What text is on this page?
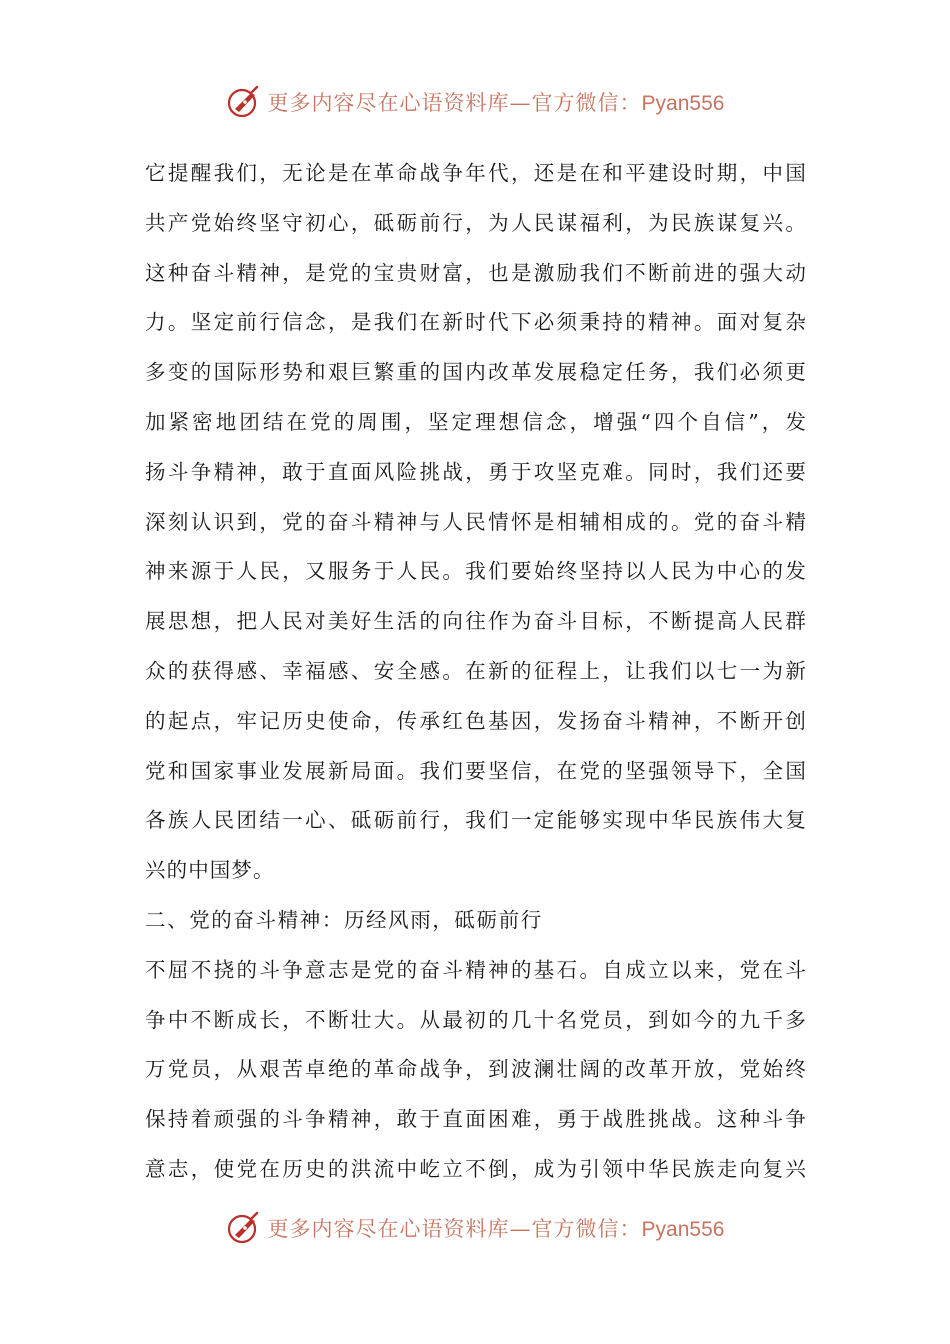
更多内容尽在心语资料库—官方微信：Pyan556
它提醒我们，无论是在革命战争年代，还是在和平建设时期，中国
共产党始终坚守初心，砥砺前行，为人民谋福利，为民族谋复兴。
这种奋斗精神，是党的宝贵财富，也是激励我们不断前进的强大动
力。坚定前行信念，是我们在新时代下必须秉持的精神。面对复杂
多变的国际形势和艰巨繁重的国内改革发展稳定任务，我们必须更
加紧密地团结在党的周围，坚定理想信念，增强“四个自信”，发
扬斗争精神，敢于直面风险挑战，勇于攻坚克难。同时，我们还要
深刻认识到，党的奋斗精神与人民情怀是相辅相成的。党的奋斗精
神来源于人民，又服务于人民。我们要始终坚持以人民为中心的发
展思想，把人民对美好生活的向往作为奋斗目标，不断提高人民群
众的获得感、幸福感、安全感。在新的征程上，让我们以七一为新
的起点，牢记历史使命，传承红色基因，发扬奋斗精神，不断开创
党和国家事业发展新局面。我们要坚信，在党的坚强领导下，全国
各族人民团结一心、砥砺前行，我们一定能够实现中华民族伟大复
兴的中国梦。
二、党的奋斗精神：历经风雨，砥砺前行
不屈不挠的斗争意志是党的奋斗精神的基石。自成立以来，党在斗
争中不断成长，不断壮大。从最初的几十名党员，到如今的九千多
万党员，从艰苦卓绝的革命战争，到波澜壮阔的改革开放，党始终
保持着顽强的斗争精神，敢于直面困难，勇于战胜挑战。这种斗争
意志，使党在历史的洪流中屹立不倒，成为引领中华民族走向复兴
更多内容尽在心语资料库—官方微信：Pyan556
